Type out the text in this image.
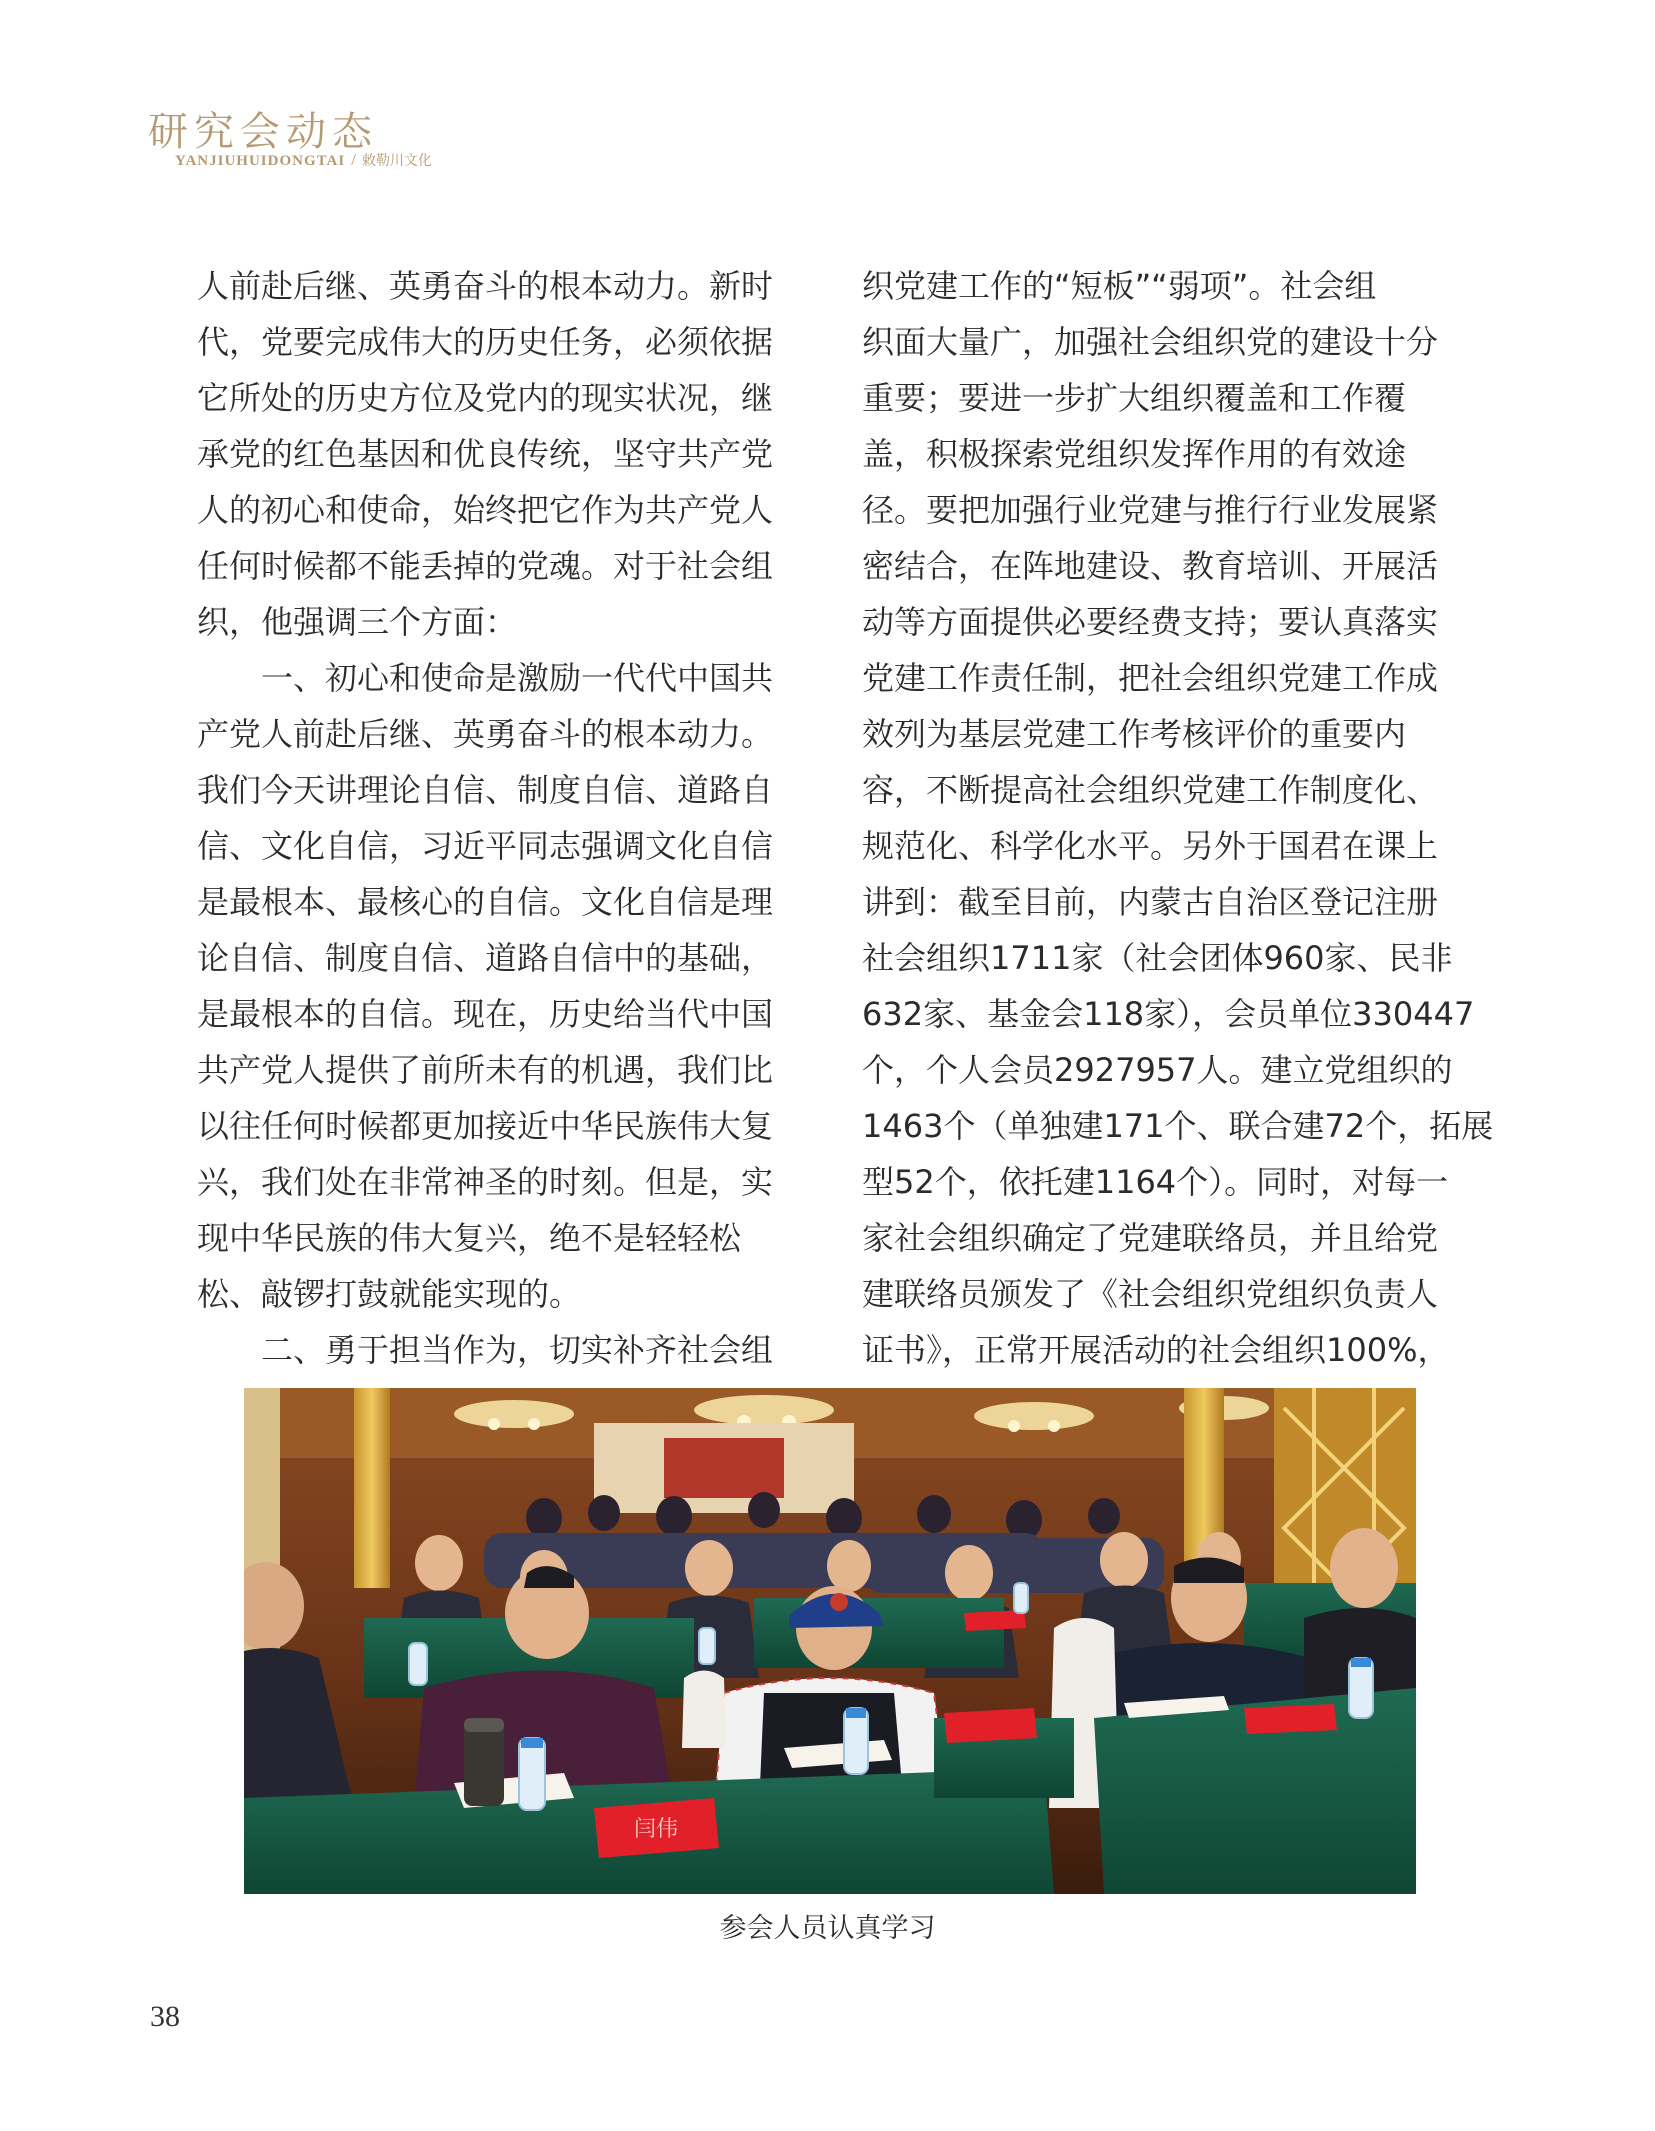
研究会动态
YANJIUHUIDONGTAI / 敕勒川文化
人前赴后继、英勇奋斗的根本动力。新时
代，党要完成伟大的历史任务，必须依据
它所处的历史方位及党内的现实状况，继
承党的红色基因和优良传统，坚守共产党
人的初心和使命，始终把它作为共产党人
任何时候都不能丢掉的党魂。对于社会组
织，他强调三个方面：
　　一、初心和使命是激励一代代中国共
产党人前赴后继、英勇奋斗的根本动力。
我们今天讲理论自信、制度自信、道路自
信、文化自信，习近平同志强调文化自信
是最根本、最核心的自信。文化自信是理
论自信、制度自信、道路自信中的基础，
是最根本的自信。现在，历史给当代中国
共产党人提供了前所未有的机遇，我们比
以往任何时候都更加接近中华民族伟大复
兴，我们处在非常神圣的时刻。但是，实
现中华民族的伟大复兴，绝不是轻轻松
松、敲锣打鼓就能实现的。
　　二、勇于担当作为，切实补齐社会组
织党建工作的“短板”“弱项”。社会组
织面大量广，加强社会组织党的建设十分
重要；要进一步扩大组织覆盖和工作覆
盖，积极探索党组织发挥作用的有效途
径。要把加强行业党建与推行行业发展紧
密结合，在阵地建设、教育培训、开展活
动等方面提供必要经费支持；要认真落实
党建工作责任制，把社会组织党建工作成
效列为基层党建工作考核评价的重要内
容，不断提高社会组织党建工作制度化、
规范化、科学化水平。另外于国君在课上
讲到：截至目前，内蒙古自治区登记注册
社会组织1711家（社会团体960家、民非
632家、基金会118家），会员单位330447
个，个人会员2927957人。建立党组织的
1463个（单独建171个、联合建72个，拓展
型52个，依托建1164个）。同时，对每一
家社会组织确定了党建联络员，并且给党
建联络员颁发了《社会组织党组织负责人
证书》，正常开展活动的社会组织100%，
闫伟
参会人员认真学习
38
